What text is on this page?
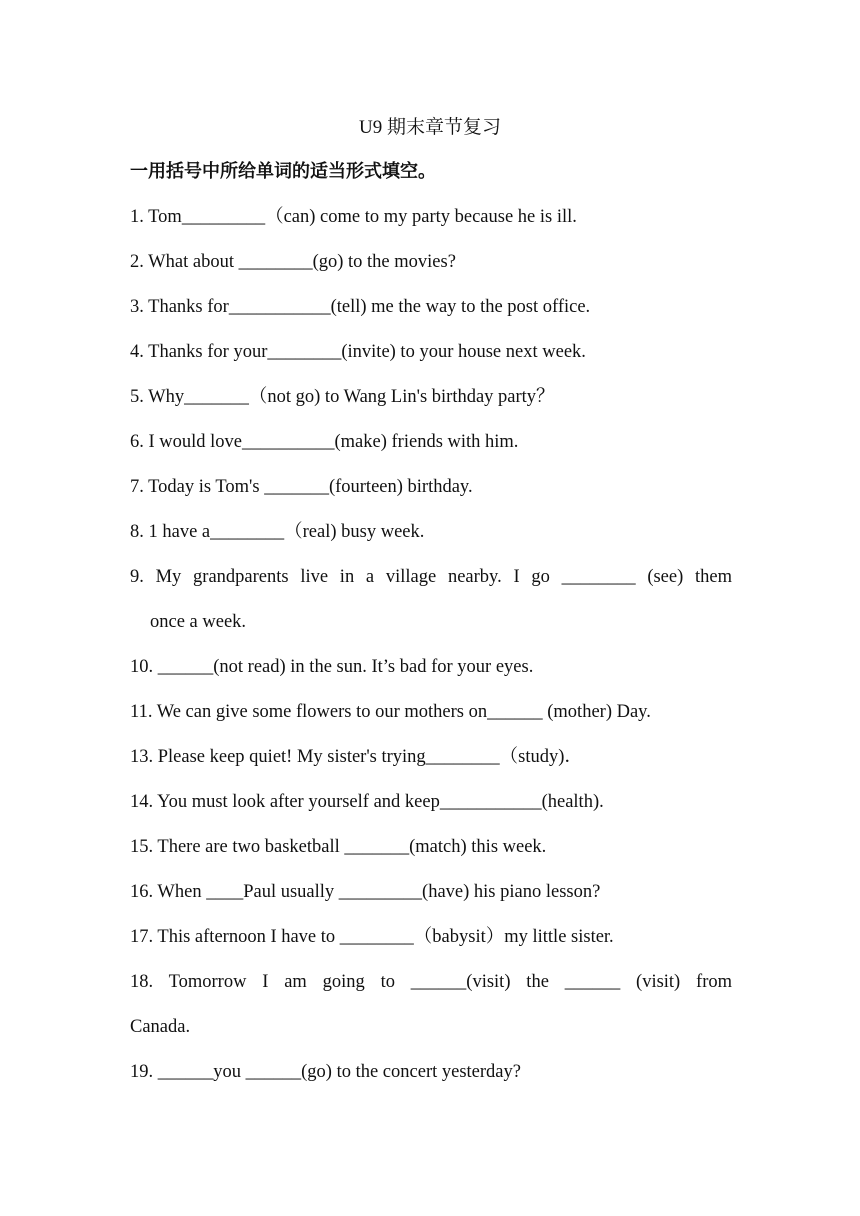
U9 期末章节复习
一用括号中所给单词的适当形式填空。
1. Tom_________（can) come to my party because he is ill.
2. What about ________(go) to the movies?
3. Thanks for___________(tell) me the way to the post office.
4. Thanks for your________(invite) to your house next week.
5. Why_______（not go) to Wang Lin's birthday party？
6. I would love__________(make) friends with him.
7. Today is Tom's _______(fourteen) birthday.
8. 1 have a________（real) busy week.
9. My grandparents live in a village nearby. I go ________ (see) them
once a week.
10. ______(not read) in the sun. It’s bad for your eyes.
11. We can give some flowers to our mothers on______ (mother) Day.
13. Please keep quiet! My sister's trying________（study)．
14. You must look after yourself and keep___________(health).
15. There are two basketball _______(match) this week.
16. When ____Paul usually _________(have) his piano lesson?
17. This afternoon I have to ________（babysit）my little sister.
18. Tomorrow I am going to ______(visit) the ______ (visit) from
Canada.
19. ______you ______(go) to the concert yesterday?
